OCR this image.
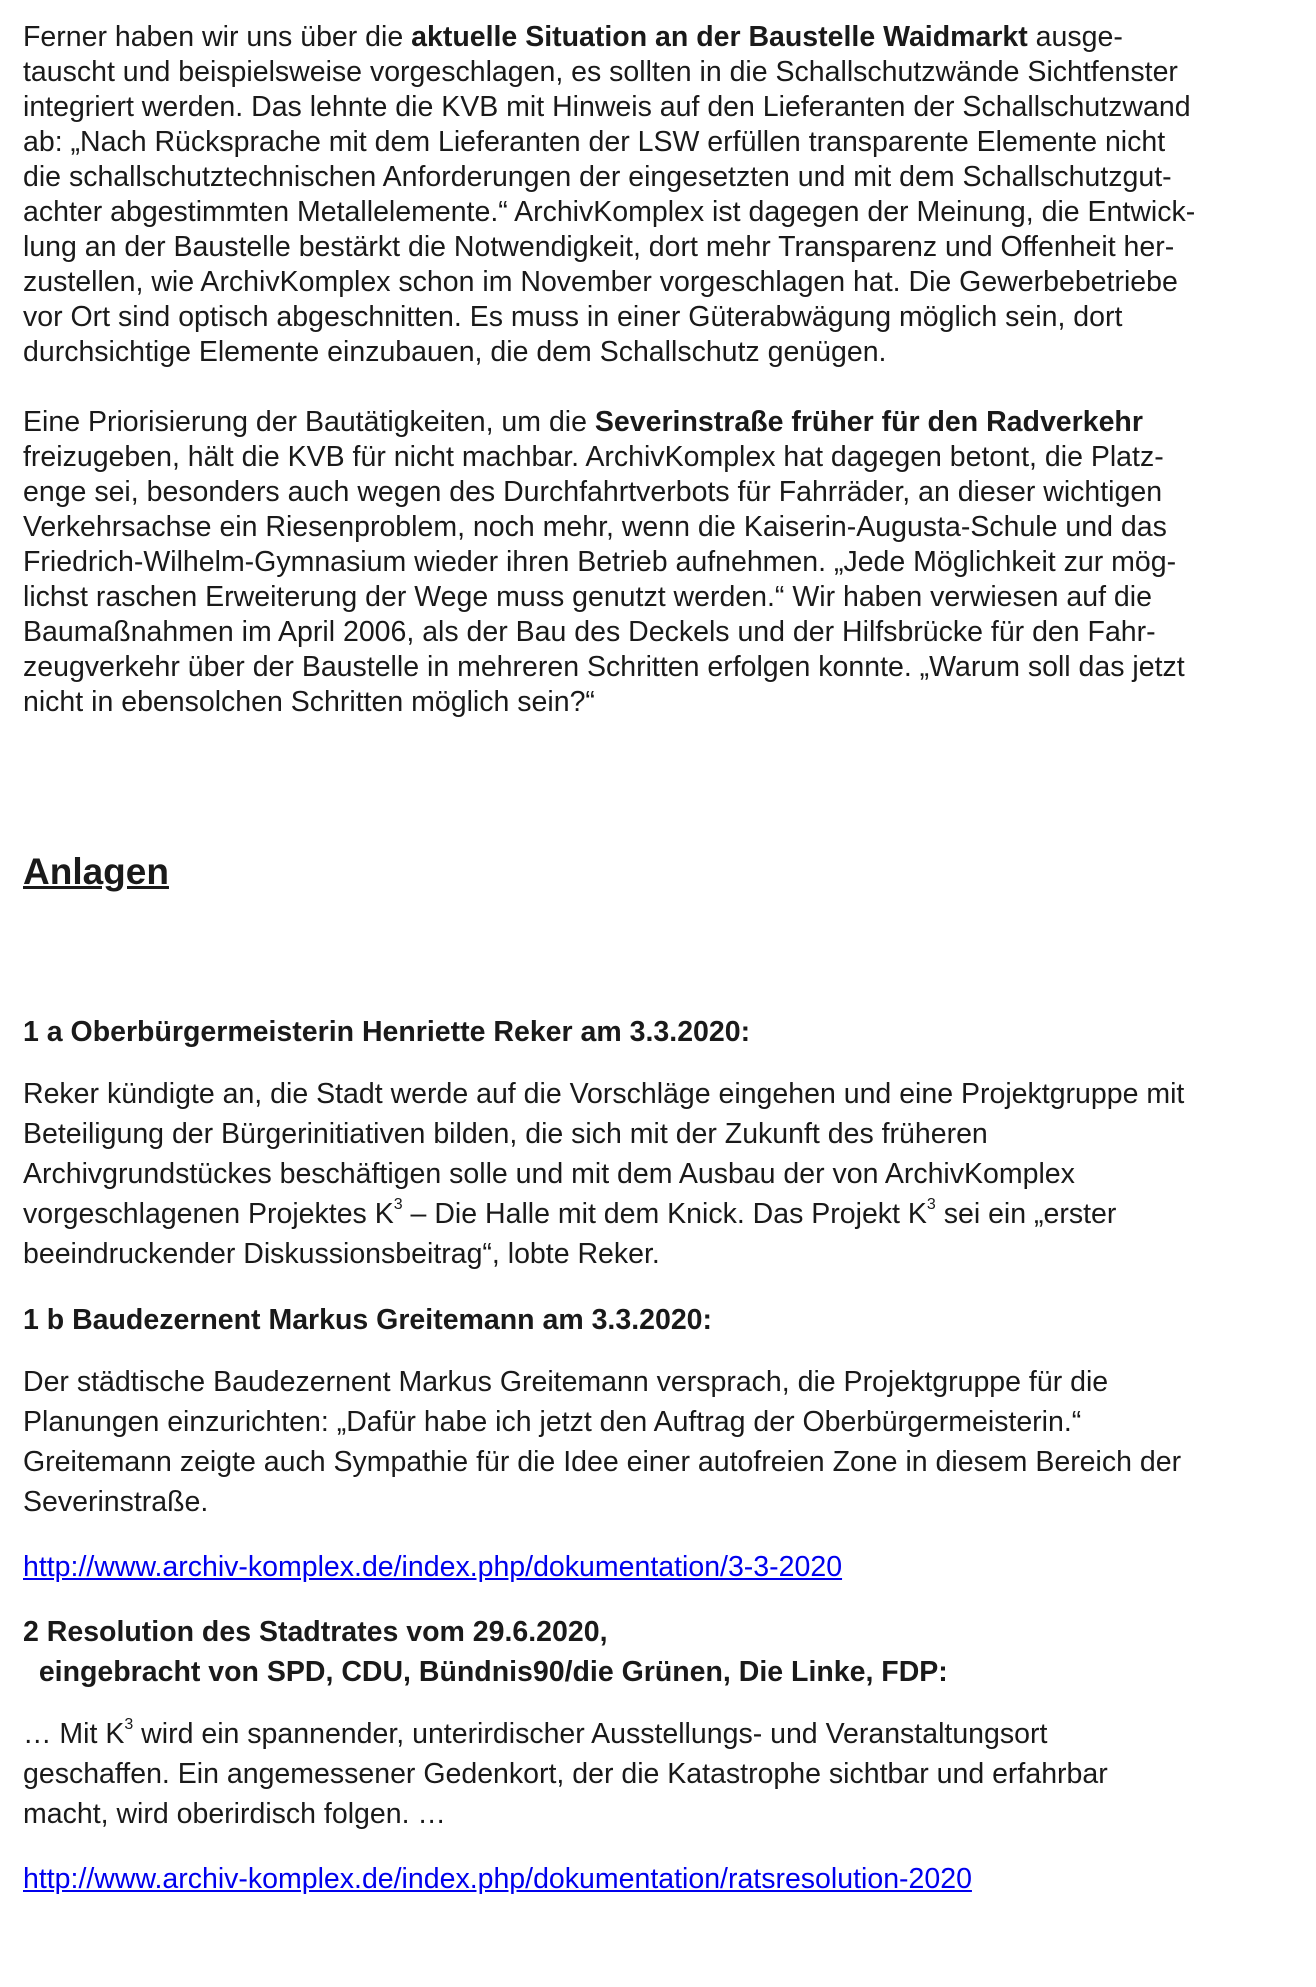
Ferner haben wir uns über die aktuelle Situation an der Baustelle Waidmarkt ausge-
tauscht und beispielsweise vorgeschlagen, es sollten in die Schallschutzwände Sichtfenster
integriert werden. Das lehnte die KVB mit Hinweis auf den Lieferanten der Schallschutzwand
ab: „Nach Rücksprache mit dem Lieferanten der LSW erfüllen transparente Elemente nicht
die schallschutztechnischen Anforderungen der eingesetzten und mit dem Schallschutzgut-
achter abgestimmten Metallelemente.“ ArchivKomplex ist dagegen der Meinung, die Entwick-
lung an der Baustelle bestärkt die Notwendigkeit, dort mehr Transparenz und Offenheit her-
zustellen, wie ArchivKomplex schon im November vorgeschlagen hat. Die Gewerbebetriebe
vor Ort sind optisch abgeschnitten. Es muss in einer Güterabwägung möglich sein, dort
durchsichtige Elemente einzubauen, die dem Schallschutz genügen.
Eine Priorisierung der Bautätigkeiten, um die Severinstraße früher für den Radverkehr
freizugeben, hält die KVB für nicht machbar. ArchivKomplex hat dagegen betont, die Platz-
enge sei, besonders auch wegen des Durchfahrtverbots für Fahrräder, an dieser wichtigen
Verkehrsachse ein Riesenproblem, noch mehr, wenn die Kaiserin-Augusta-Schule und das
Friedrich-Wilhelm-Gymnasium wieder ihren Betrieb aufnehmen. „Jede Möglichkeit zur mög-
lichst raschen Erweiterung der Wege muss genutzt werden.“ Wir haben verwiesen auf die
Baumaßnahmen im April 2006, als der Bau des Deckels und der Hilfsbrücke für den Fahr-
zeugverkehr über der Baustelle in mehreren Schritten erfolgen konnte. „Warum soll das jetzt
nicht in ebensolchen Schritten möglich sein?“
Anlagen
1 a Oberbürgermeisterin Henriette Reker am 3.3.2020:
Reker kündigte an, die Stadt werde auf die Vorschläge eingehen und eine Projektgruppe mit
Beteiligung der Bürgerinitiativen bilden, die sich mit der Zukunft des früheren
Archivgrundstückes beschäftigen solle und mit dem Ausbau der von ArchivKomplex
vorgeschlagenen Projektes $K^3$ – Die Halle mit dem Knick. Das Projekt $K^3$ sei ein „erster
beeindruckender Diskussionsbeitrag“, lobte Reker.
1 b Baudezernent Markus Greitemann am 3.3.2020:
Der städtische Baudezernent Markus Greitemann versprach, die Projektgruppe für die
Planungen einzurichten: „Dafür habe ich jetzt den Auftrag der Oberbürgermeisterin.“
Greitemann zeigte auch Sympathie für die Idee einer autofreien Zone in diesem Bereich der
Severinstraße.
http://www.archiv-komplex.de/index.php/dokumentation/3-3-2020
2 Resolution des Stadtrates vom 29.6.2020,
eingebracht von SPD, CDU, Bündnis90/die Grünen, Die Linke, FDP:
… Mit $K^3$ wird ein spannender, unterirdischer Ausstellungs- und Veranstaltungsort
geschaffen. Ein angemessener Gedenkort, der die Katastrophe sichtbar und erfahrbar
macht, wird oberirdisch folgen. …
http://www.archiv-komplex.de/index.php/dokumentation/ratsresolution-2020
